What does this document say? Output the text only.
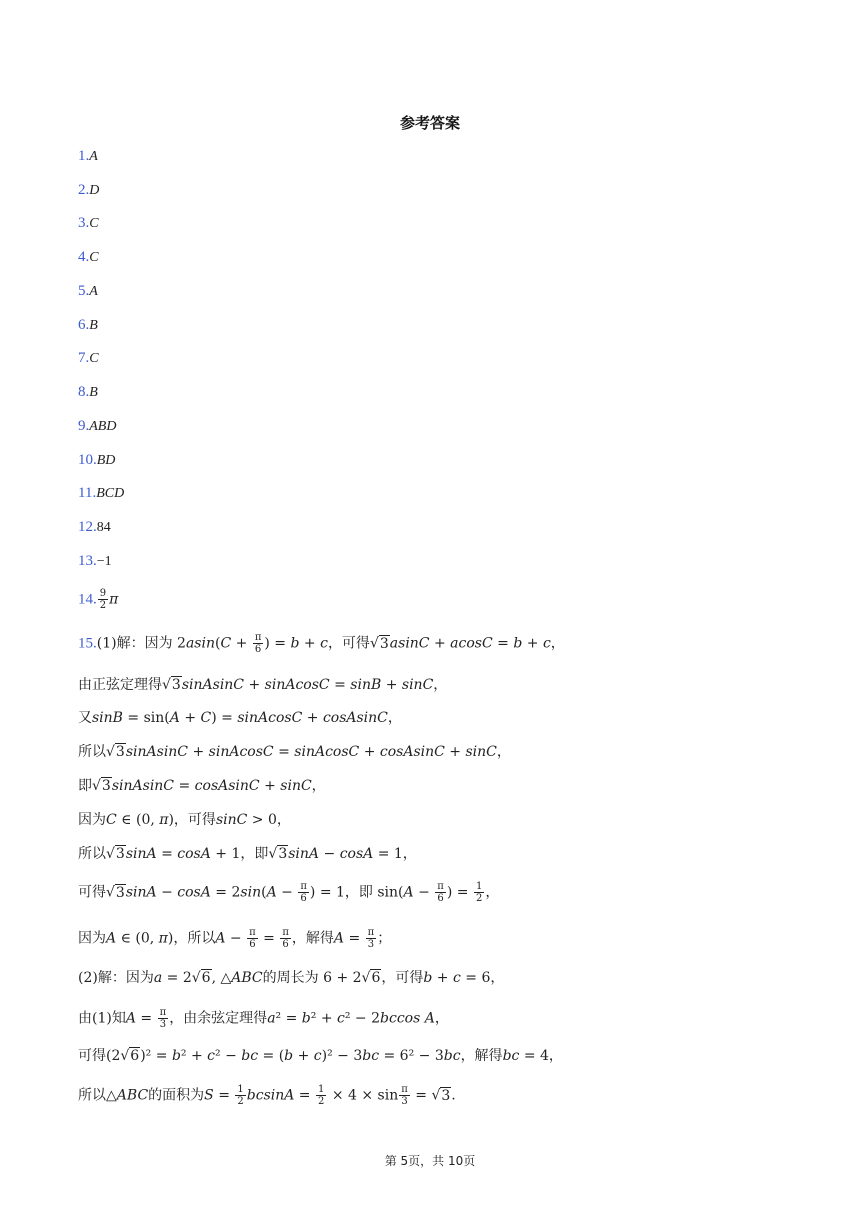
参考答案
1.A
2.D
3.C
4.C
5.A
6.B
7.C
8.B
9.ABD
10.BD
11.BCD
12.84
13.−1
14. $\frac{9}{2}$ π
15.(1)解：因为 $2asin(C + \frac{\pi}{6}$ ) = b + c，可得√3asinC + acosC = b + c，
由正弦定理得√3sinAsinC + sinAcosC = sinB + sinC，
又sinB = sin(A + C) = sinAcosC + cosAsinC，
所以√3sinAsinC + sinAcosC = sinAcosC + cosAsinC + sinC，
即√3sinAsinC = cosAsinC + sinC，
因为C ∈ (0, π)，可得sinC > 0，
所以√3sinA = cosA + 1，即√3sinA − cosA = 1，
可得$√3\sin A - \cos A = 2\sin(A - \frac{\pi}{6}$ ) = 1，即 $\sin(A - \frac{\pi}{6}$ ) = $\frac{1}{2}$ ，
因为A ∈ (0, π)，所以$A - \frac{\pi}{6} = \frac{\pi}{6}$ ，解得$A = \frac{\pi}{3}$ ；
(2)解：因为a = 2√6, △ABC的周长为 6 + 2√6，可得b + c = 6，
由(1)知$A = \frac{\pi}{3}$ ，由余弦定理得a² = b² + c² − 2bccos A，
可得(2√6)² = b² + c² − bc = (b + c)² − 3bc = 6² − 3bc，解得bc = 4，
所以△ABC的面积为$S = \frac{1}{2}$ $bcsinA = \frac{1}{2} \times 4 \times \sin \frac{\pi}{3} = √3$.
第 5页，共 10页
